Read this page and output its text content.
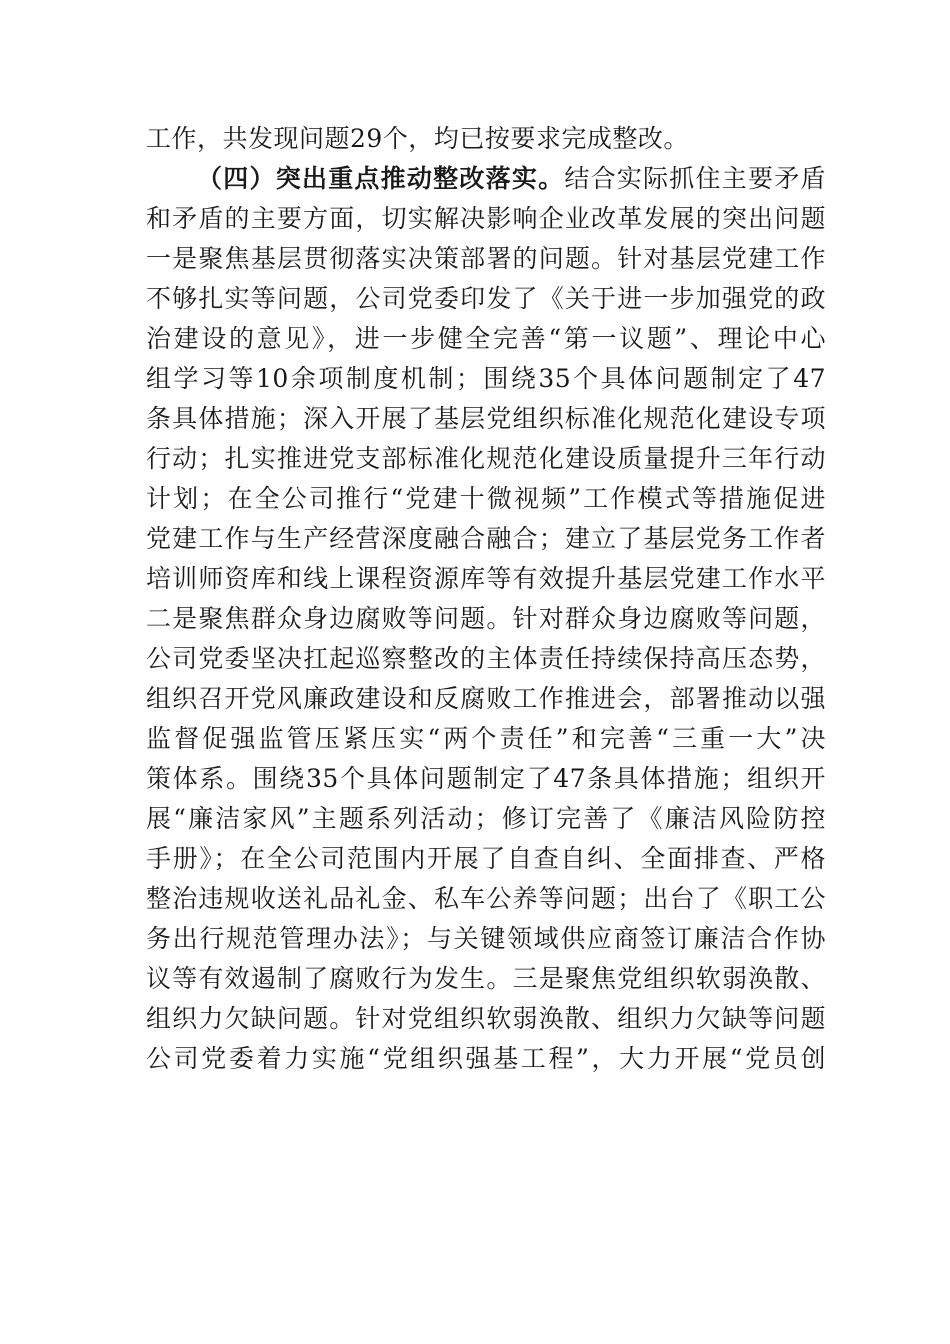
工作，共发现问题29个，均已按要求完成整改。
（四）突出重点推动整改落实。结合实际抓住主要矛盾
和矛盾的主要方面，切实解决影响企业改革发展的突出问题
一是聚焦基层贯彻落实决策部署的问题。针对基层党建工作
不够扎实等问题，公司党委印发了《关于进一步加强党的政
治建设的意见》，进一步健全完善“第一议题”、理论中心
组学习等10余项制度机制；围绕35个具体问题制定了47
条具体措施；深入开展了基层党组织标准化规范化建设专项
行动；扎实推进党支部标准化规范化建设质量提升三年行动
计划；在全公司推行“党建十微视频”工作模式等措施促进
党建工作与生产经营深度融合融合；建立了基层党务工作者
培训师资库和线上课程资源库等有效提升基层党建工作水平
二是聚焦群众身边腐败等问题。针对群众身边腐败等问题，
公司党委坚决扛起巡察整改的主体责任持续保持高压态势，
组织召开党风廉政建设和反腐败工作推进会，部署推动以强
监督促强监管压紧压实“两个责任”和完善“三重一大”决
策体系。围绕35个具体问题制定了47条具体措施；组织开
展“廉洁家风”主题系列活动；修订完善了《廉洁风险防控
手册》；在全公司范围内开展了自查自纠、全面排查、严格
整治违规收送礼品礼金、私车公养等问题；出台了《职工公
务出行规范管理办法》；与关键领域供应商签订廉洁合作协
议等有效遏制了腐败行为发生。三是聚焦党组织软弱涣散、
组织力欠缺问题。针对党组织软弱涣散、组织力欠缺等问题
公司党委着力实施“党组织强基工程”，大力开展“党员创
